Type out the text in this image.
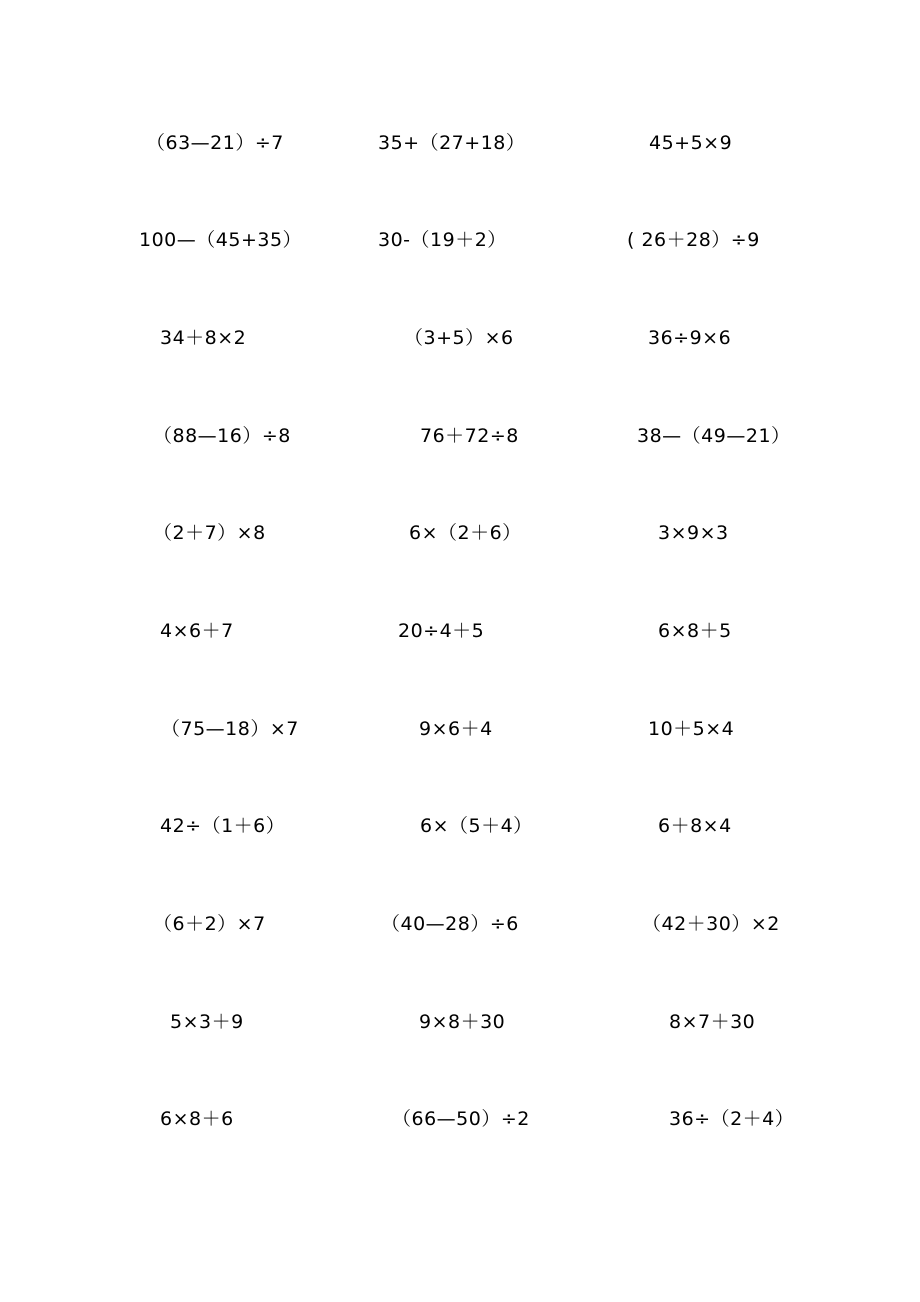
（63—21）÷7	35+（27+18）	45+5×9
100—（45+35）	30-（19＋2）	( 26＋28）÷9
34＋8×2	（3+5）×6	36÷9×6
（88—16）÷8	76＋72÷8	38—（49—21）
（2＋7）×8	6×（2＋6）	3×9×3
4×6＋7	20÷4＋5	6×8＋5
（75—18）×7	9×6＋4	10＋5×4
42÷（1＋6）	6×（5＋4）	6＋8×4
（6＋2）×7	（40—28）÷6	（42＋30）×2
5×3＋9	9×8＋30	8×7＋30
6×8＋6	（66—50）÷2	36÷（2＋4）
